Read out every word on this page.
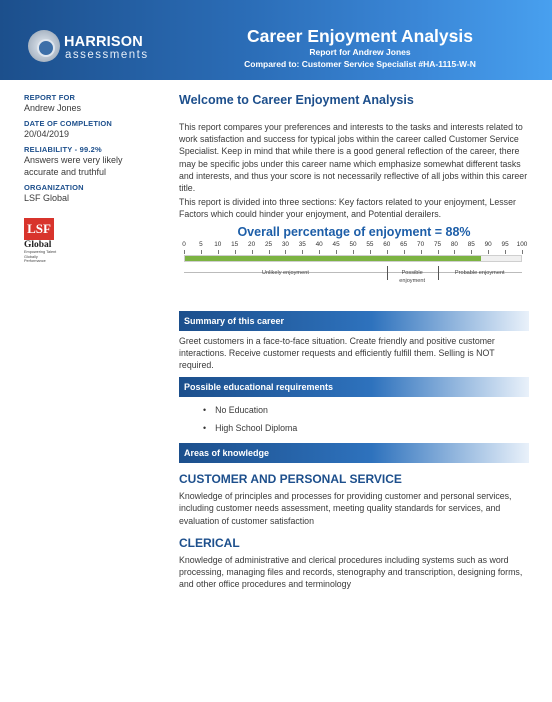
HARRISON
assessments
Career Enjoyment Analysis
Report for Andrew Jones
Compared to: Customer Service Specialist #HA-1115-W-N
REPORT FOR
Andrew Jones
DATE OF COMPLETION
20/04/2019
RELIABILITY - 99.2%
Answers were very likely accurate and truthful
ORGANIZATION
LSF Global
LSF
Global
Empowering Talent Globally Performance
Welcome to Career Enjoyment Analysis

This report compares your preferences and interests to the tasks and interests related to work satisfaction and success for typical jobs within the career called Customer Service Specialist. Keep in mind that while there is a good general reflection of the career, there may be specific jobs under this career name which emphasize somewhat different tasks and interests, and thus your score is not necessarily reflective of all jobs within this career title.

This report is divided into three sections: Key factors related to your enjoyment, Lesser Factors which could hinder your enjoyment, and Potential derailers.

Overall percentage of enjoyment = 88%
0 5 10 15 20 25 30 35 40 45 50 55 60 65 70 75 80 85 90 95 100
Unlikely enjoyment	Possible enjoyment
Probable enjoyment
Summary of this career

Greet customers in a face-to-face situation. Create friendly and positive customer interactions. Receive customer requests and efficiently fulfill them. Selling is NOT required.

Possible educational requirements
• No Education
• High School Diploma
Areas of knowledge
CUSTOMER AND PERSONAL SERVICE

Knowledge of principles and processes for providing customer and personal services, including customer needs assessment, meeting quality standards for services, and evaluation of customer satisfaction

CLERICAL

Knowledge of administrative and clerical procedures including systems such as word processing, managing files and records, stenography and transcription, designing forms, and other office procedures and terminology
